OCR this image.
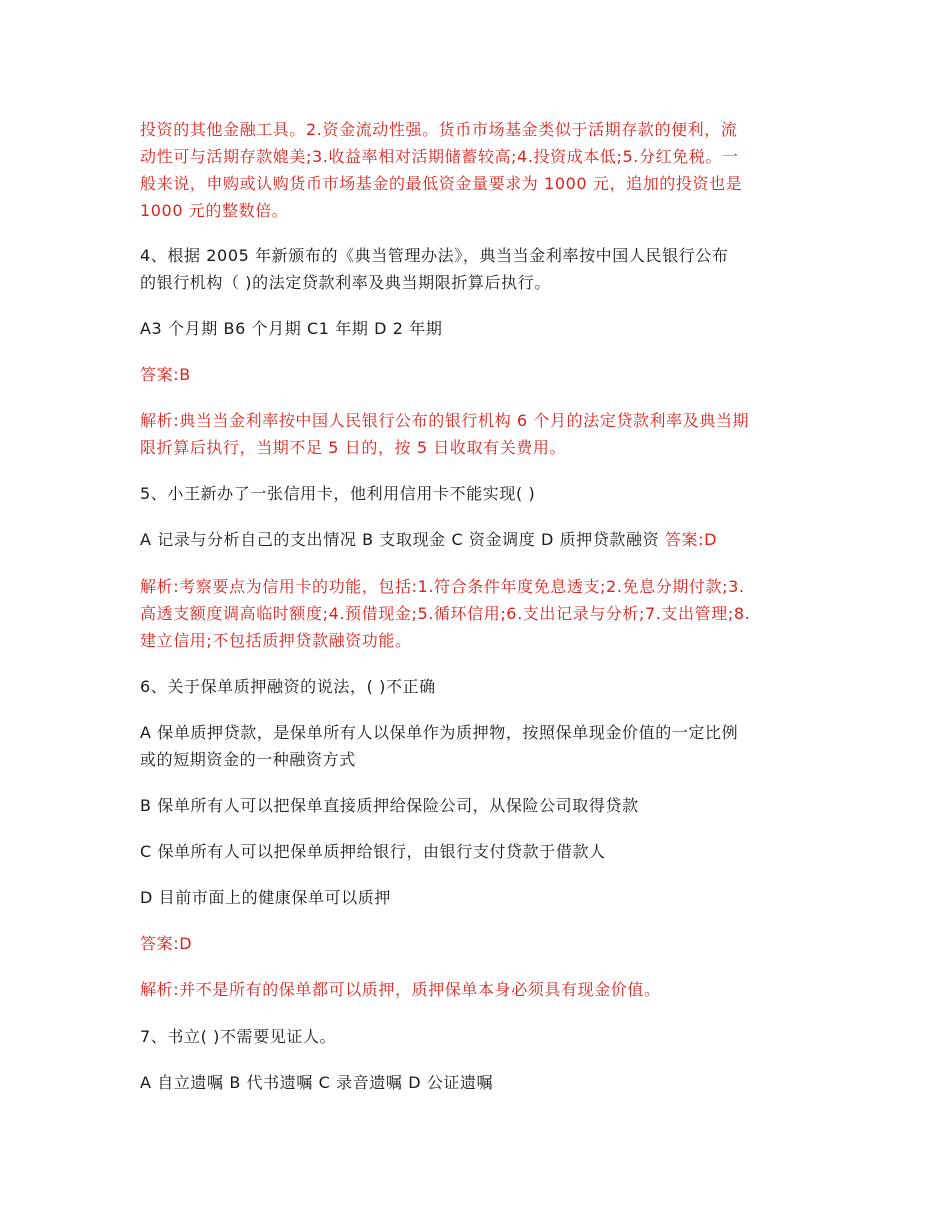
投资的其他金融工具。2.资金流动性强。货币市场基金类似于活期存款的便利，流
动性可与活期存款媲美;3.收益率相对活期储蓄较高;4.投资成本低;5.分红免税。一
般来说，申购或认购货币市场基金的最低资金量要求为 1000 元，追加的投资也是
1000 元的整数倍。
4、根据 2005 年新颁布的《典当管理办法》，典当当金利率按中国人民银行公布
的银行机构（ )的法定贷款利率及典当期限折算后执行。
A3 个月期 B6 个月期 C1 年期 D 2 年期
答案:B
解析:典当当金利率按中国人民银行公布的银行机构 6 个月的法定贷款利率及典当期
限折算后执行，当期不足 5 日的，按 5 日收取有关费用。
5、小王新办了一张信用卡，他利用信用卡不能实现( )
A 记录与分析自己的支出情况 B 支取现金 C 资金调度 D 质押贷款融资 答案:D
解析:考察要点为信用卡的功能，包括:1.符合条件年度免息透支;2.免息分期付款;3.
高透支额度调高临时额度;4.预借现金;5.循环信用;6.支出记录与分析;7.支出管理;8.
建立信用;不包括质押贷款融资功能。
6、关于保单质押融资的说法，( )不正确
A 保单质押贷款，是保单所有人以保单作为质押物，按照保单现金价值的一定比例
或的短期资金的一种融资方式
B 保单所有人可以把保单直接质押给保险公司，从保险公司取得贷款
C 保单所有人可以把保单质押给银行，由银行支付贷款于借款人
D 目前市面上的健康保单可以质押
答案:D
解析:并不是所有的保单都可以质押，质押保单本身必须具有现金价值。
7、书立( )不需要见证人。
A 自立遗嘱 B 代书遗嘱 C 录音遗嘱 D 公证遗嘱
